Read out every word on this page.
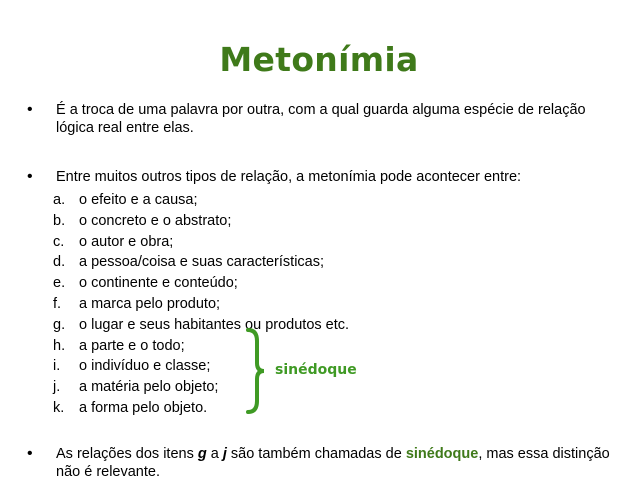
Metonímia
• É a troca de uma palavra por outra, com a qual guarda alguma espécie de relação lógica real entre elas.
• Entre muitos outros tipos de relação, a metonímia pode acontecer entre:
a. o efeito e a causa;
b. o concreto e o abstrato;
c. o autor e obra;
d. a pessoa/coisa e suas características;
e. o continente e conteúdo;
f. a marca pelo produto;
g. o lugar e seus habitantes ou produtos etc.
h. a parte e o todo;
i. o indivíduo e classe;
j. a matéria pelo objeto;
k. a forma pelo objeto.
sinédoque
• As relações dos itens g a j são também chamadas de sinédoque, mas essa distinção não é relevante.
